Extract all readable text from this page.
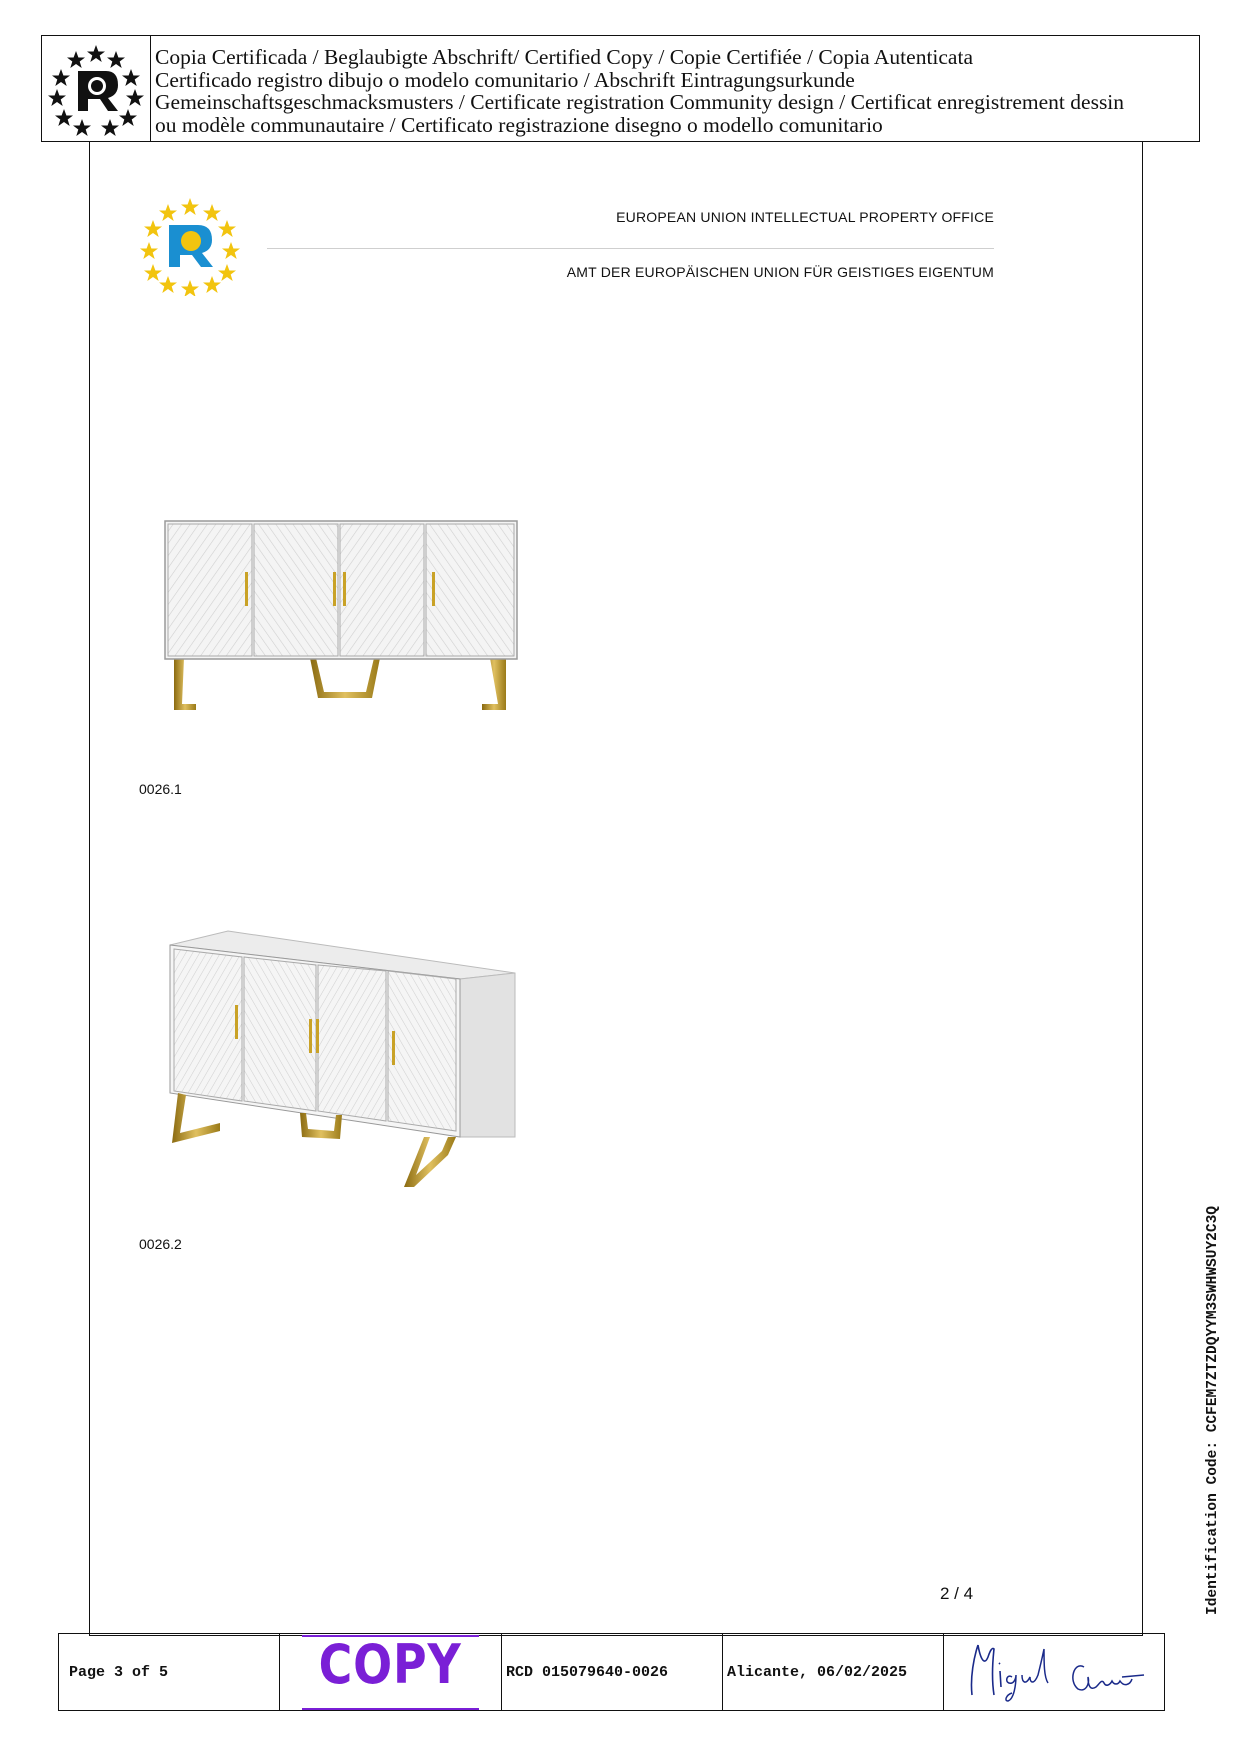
Copia Certificada / Beglaubigte Abschrift/ Certified Copy / Copie Certifiée / Copia Autenticata
Certificado registro dibujo o modelo comunitario / Abschrift Eintragungsurkunde
Gemeinschaftsgeschmacksmusters / Certificate registration Community design / Certificat enregistrement dessin
ou modèle communautaire / Certificato registrazione disegno o modello comunitario
EUROPEAN UNION INTELLECTUAL PROPERTY OFFICE
AMT DER EUROPÄISCHEN UNION FÜR GEISTIGES EIGENTUM
0026.1
0026.2
2 / 4	Identification Code: CCFEM7ZTZDQYYM3SWHWSUY2C3Q
Page 3 of 5	COPY	RCD 015079640-0026	Alicante, 06/02/2025
